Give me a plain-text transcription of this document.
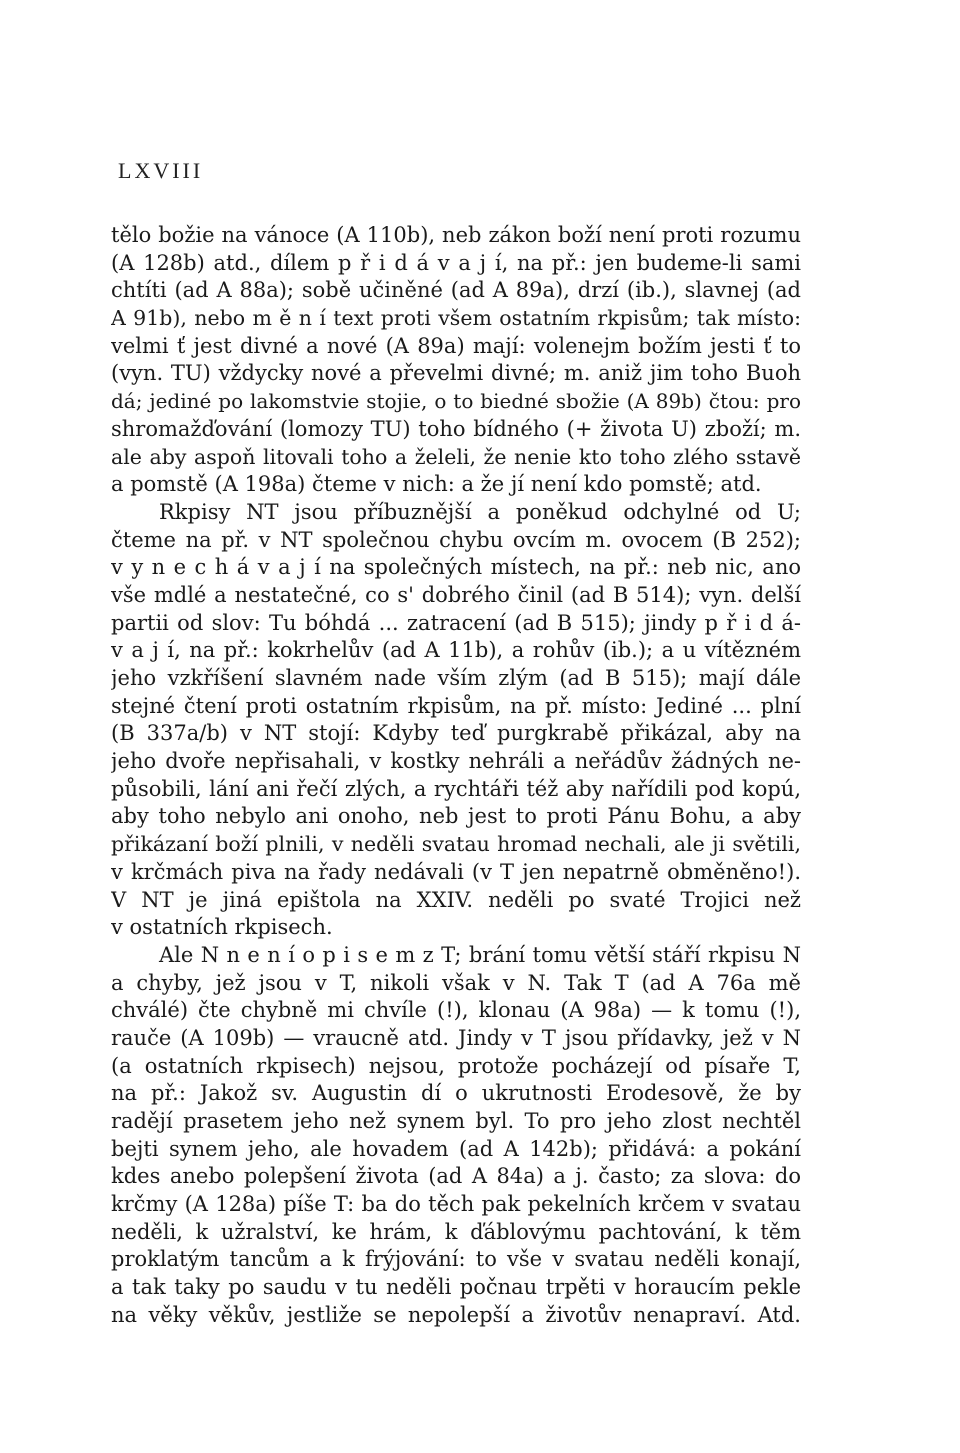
LXVIII
tělo božie na vánoce (A 110b), neb zákon boží není proti rozumu
(A 128b) atd., dílem p ř i d á v a j í, na př.: jen budeme-li sami
chtíti (ad A 88a); sobě učiněné (ad A 89a), drzí (ib.), slavnej (ad
A 91b), nebo m ě n í text proti všem ostatním rkpisům; tak místo:
velmi ť jest divné a nové (A 89a) mají: volenejm božím jesti ť to
(vyn. TU) vždycky nové a převelmi divné; m. aniž jim toho Buoh
dá; jediné po lakomstvie stojie, o to biedné sbožie (A 89b) čtou: pro
shromažďování (lomozy TU) toho bídného (+ života U) zboží; m.
ale aby aspoň litovali toho a želeli, že nenie kto toho zlého sstavě
a pomstě (A 198a) čteme v nich: a že jí není kdo pomstě; atd.
Rkpisy NT jsou příbuznější a poněkud odchylné od U;
čteme na př. v NT společnou chybu ovcím m. ovocem (B 252);
v y n e c h á v a j í na společných místech, na př.: neb nic, ano
vše mdlé a nestatečné, co s' dobrého činil (ad B 514); vyn. delší
partii od slov: Tu bóhdá ... zatracení (ad B 515); jindy p ř i d á-
v a j í, na př.: kokrhelův (ad A 11b), a rohův (ib.); a u vítězném
jeho vzkříšení slavném nade vším zlým (ad B 515); mají dále
stejné čtení proti ostatním rkpisům, na př. místo: Jediné ... plní
(B 337a/b) v NT stojí: Kdyby teď purgkrabě přikázal, aby na
jeho dvoře nepřisahali, v kostky nehráli a neřádův žádných ne-
působili, lání ani řečí zlých, a rychtáři též aby nařídili pod kopú,
aby toho nebylo ani onoho, neb jest to proti Pánu Bohu, a aby
přikázaní boží plnili, v neděli svatau hromad nechali, ale ji světili,
v krčmách piva na řady nedávali (v T jen nepatrně obměněno!).
V NT je jiná epištola na XXIV. neděli po svaté Trojici než
v ostatních rkpisech.
Ale N n e n í o p i s e m z T; brání tomu větší stáří rkpisu N
a chyby, jež jsou v T, nikoli však v N. Tak T (ad A 76a mě
chválé) čte chybně mi chvíle (!), klonau (A 98a) — k tomu (!),
rauče (A 109b) — vraucně atd. Jindy v T jsou přídavky, jež v N
(a ostatních rkpisech) nejsou, protože pocházejí od písaře T,
na př.: Jakož sv. Augustin dí o ukrutnosti Erodesově, že by
radějí prasetem jeho než synem byl. To pro jeho zlost nechtěl
bejti synem jeho, ale hovadem (ad A 142b); přidává: a pokání
kdes anebo polepšení života (ad A 84a) a j. často; za slova: do
krčmy (A 128a) píše T: ba do těch pak pekelních krčem v svatau
neděli, k užralství, ke hrám, k ďáblovýmu pachtování, k těm
proklatým tancům a k frýjování: to vše v svatau neděli konají,
a tak taky po saudu v tu neděli počnau trpěti v horaucím pekle
na věky věkův, jestliže se nepolepší a životův nenapraví. Atd.
